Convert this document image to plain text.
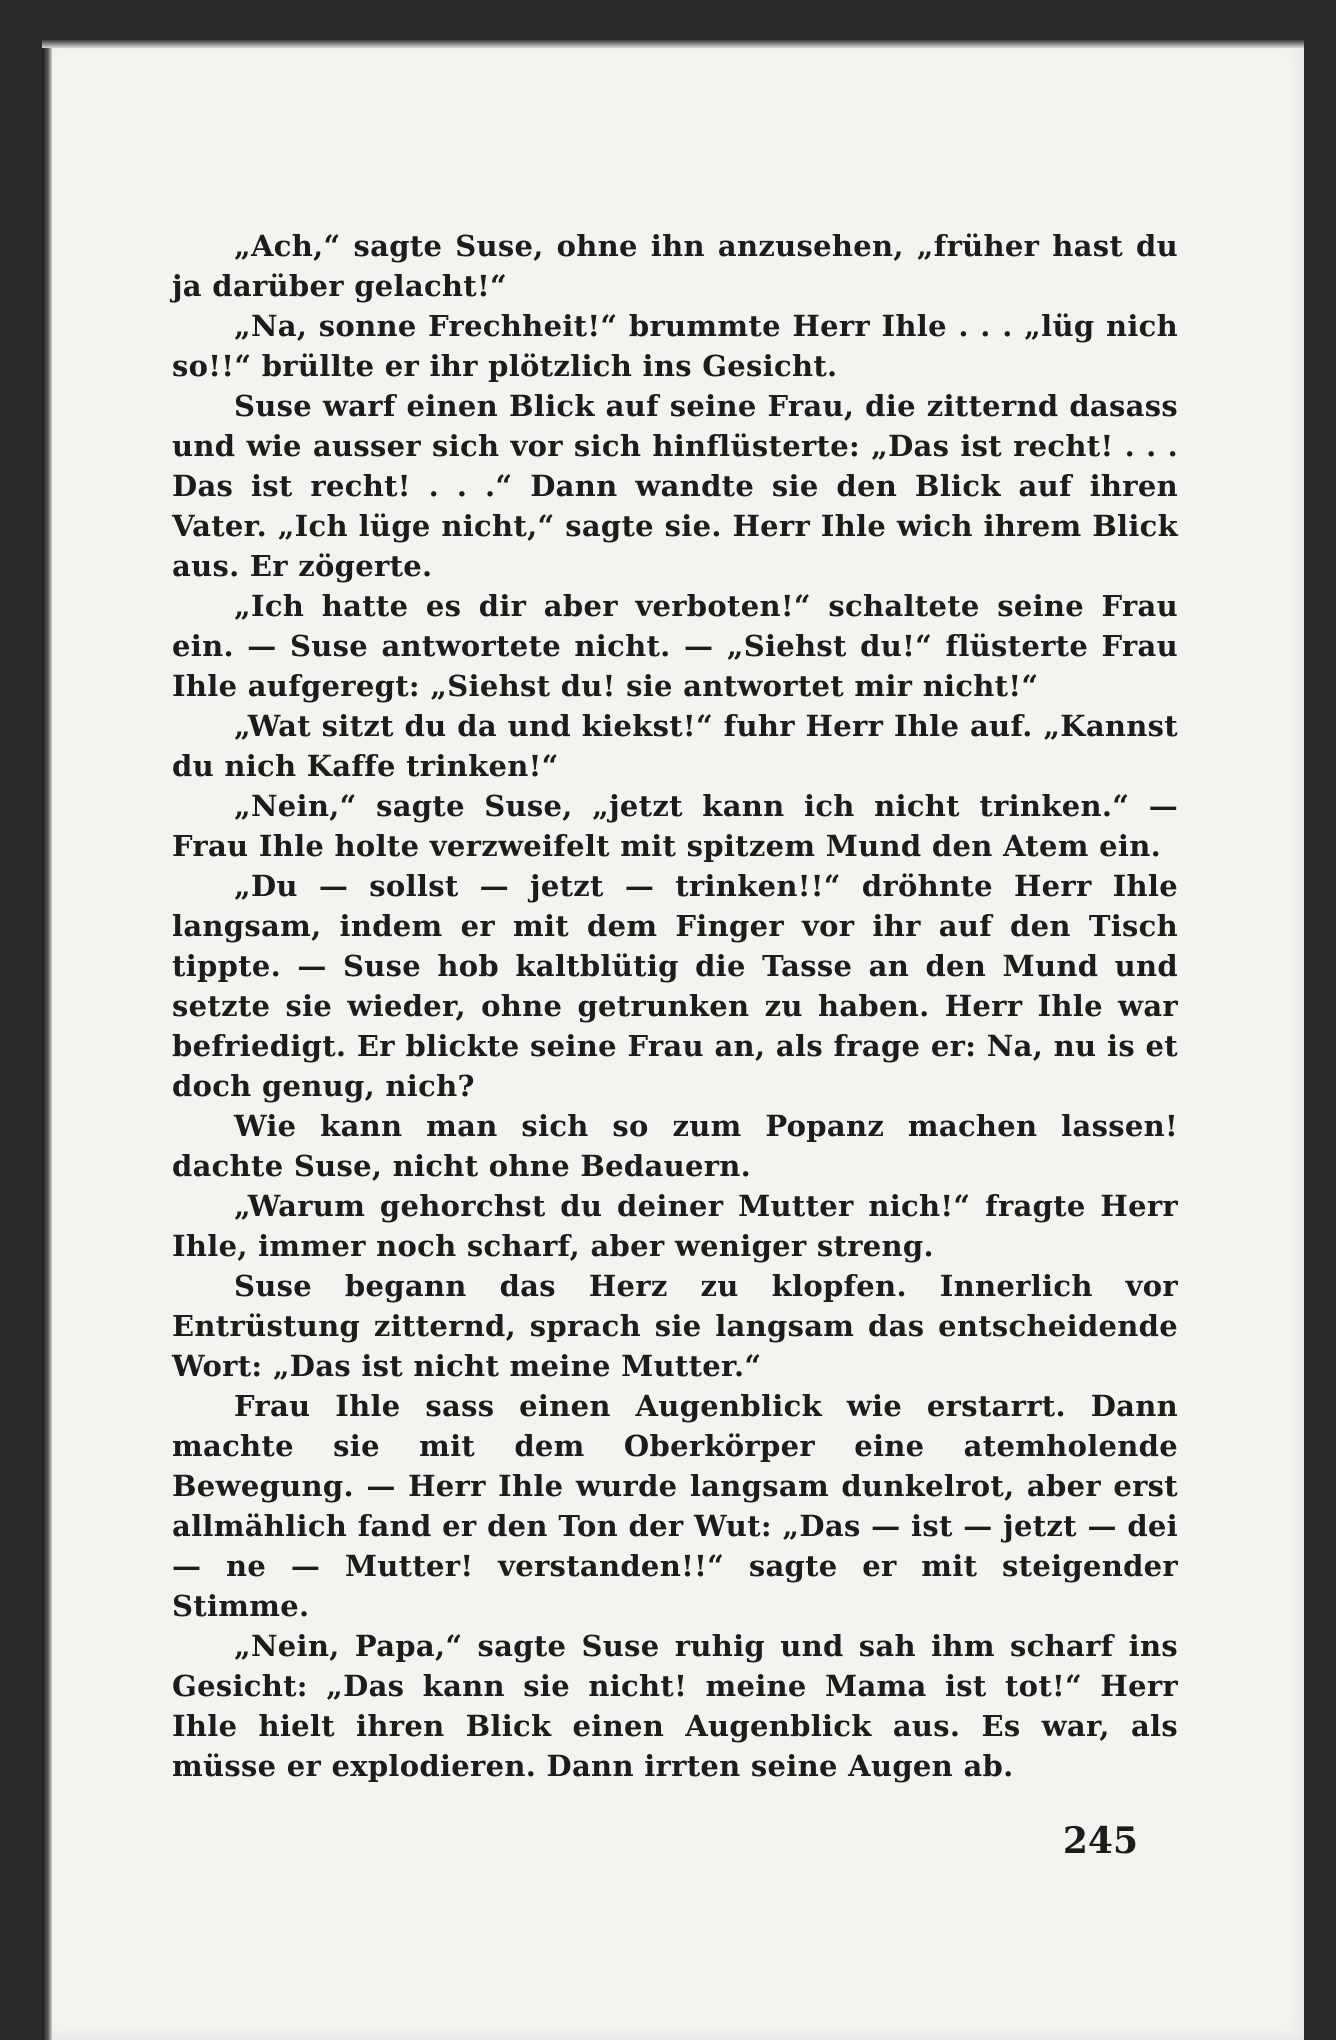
„Ach,“ sagte Suse, ohne ihn anzusehen, „früher hast du ja darüber gelacht!“

„Na, sonne Frechheit!“ brummte Herr Ihle . . . „lüg nich so!!“ brüllte er ihr plötzlich ins Gesicht.

Suse warf einen Blick auf seine Frau, die zitternd dasass und wie ausser sich vor sich hinflüsterte: „Das ist recht! . . . Das ist recht! . . .“ Dann wandte sie den Blick auf ihren Vater. „Ich lüge nicht,“ sagte sie. Herr Ihle wich ihrem Blick aus. Er zögerte.

„Ich hatte es dir aber verboten!“ schaltete seine Frau ein. — Suse antwortete nicht. — „Siehst du!“ flüsterte Frau Ihle aufgeregt: „Siehst du! sie antwortet mir nicht!“

„Wat sitzt du da und kiekst!“ fuhr Herr Ihle auf. „Kannst du nich Kaffe trinken!“

„Nein,“ sagte Suse, „jetzt kann ich nicht trinken.“ — Frau Ihle holte verzweifelt mit spitzem Mund den Atem ein.

„Du — sollst — jetzt — trinken!!“ dröhnte Herr Ihle langsam, indem er mit dem Finger vor ihr auf den Tisch tippte. — Suse hob kaltblütig die Tasse an den Mund und setzte sie wieder, ohne getrunken zu haben. Herr Ihle war befriedigt. Er blickte seine Frau an, als frage er: Na, nu is et doch genug, nich?

Wie kann man sich so zum Popanz machen lassen! dachte Suse, nicht ohne Bedauern.

„Warum gehorchst du deiner Mutter nich!“ fragte Herr Ihle, immer noch scharf, aber weniger streng.

Suse begann das Herz zu klopfen. Innerlich vor Entrüstung zitternd, sprach sie langsam das entscheidende Wort: „Das ist nicht meine Mutter.“

Frau Ihle sass einen Augenblick wie erstarrt. Dann machte sie mit dem Oberkörper eine atemholende Bewegung. — Herr Ihle wurde langsam dunkelrot, aber erst allmählich fand er den Ton der Wut: „Das — ist — jetzt — dei — ne — Mutter! verstanden!!“ sagte er mit steigender Stimme.

„Nein, Papa,“ sagte Suse ruhig und sah ihm scharf ins Gesicht: „Das kann sie nicht! meine Mama ist tot!“ Herr Ihle hielt ihren Blick einen Augenblick aus. Es war, als müsse er explodieren. Dann irrten seine Augen ab.

245
